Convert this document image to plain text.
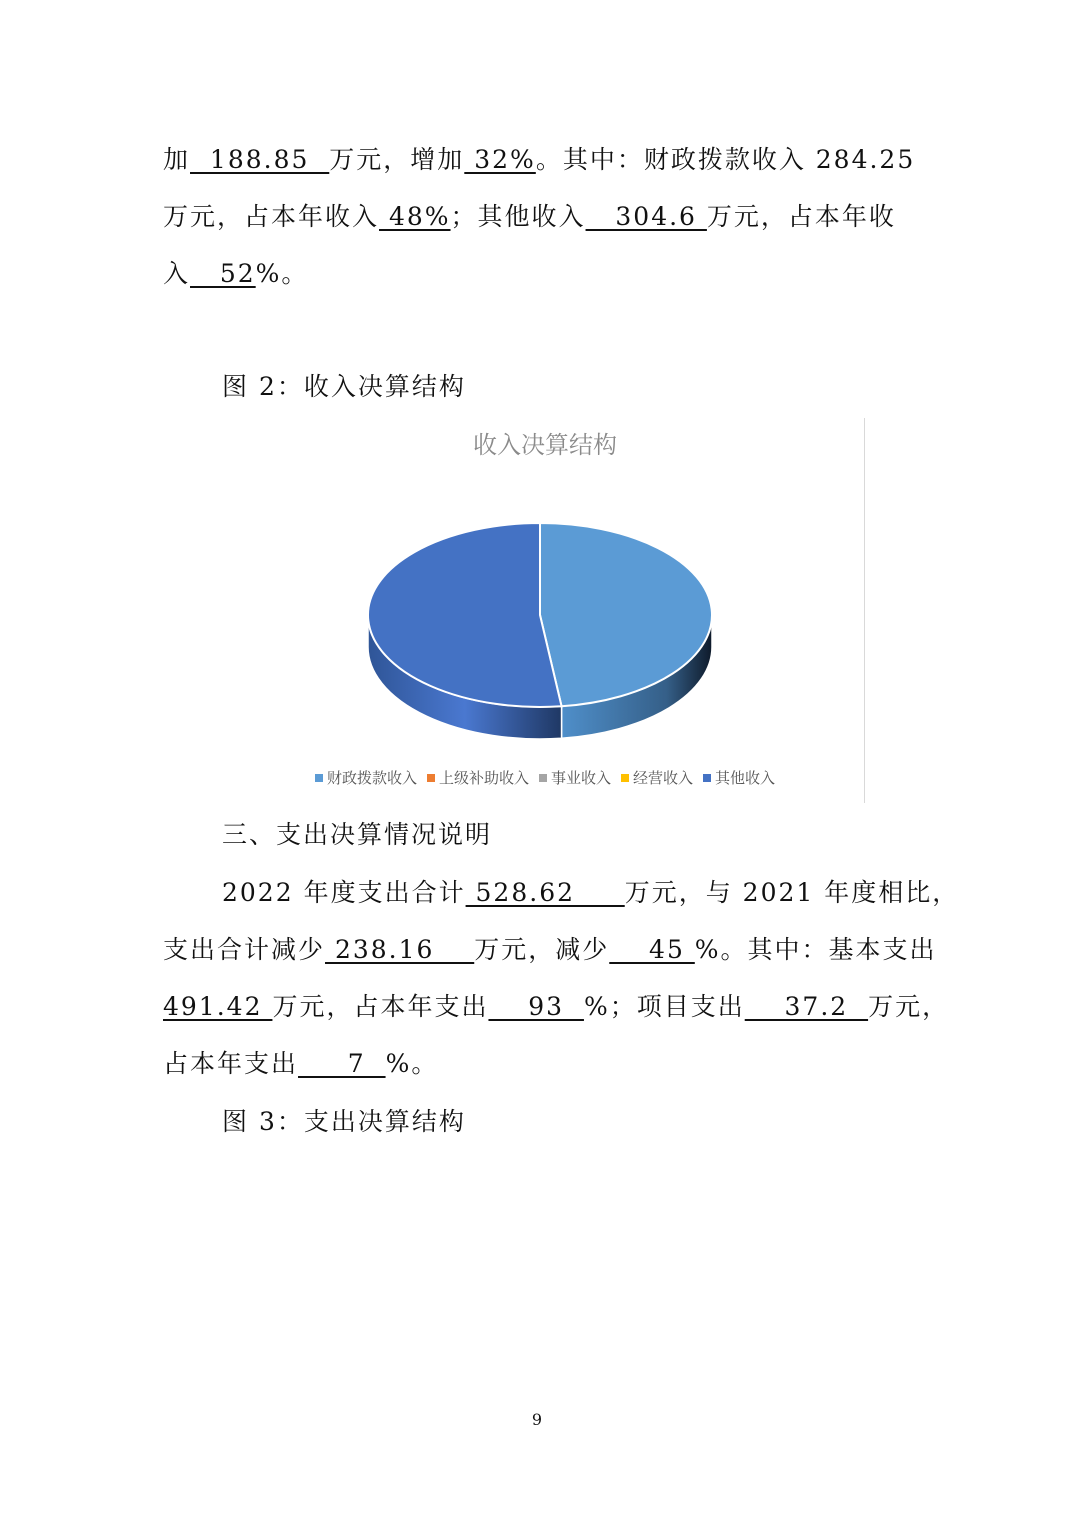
加  188.85  万元，增加 32%。其中：财政拨款收入 284.25
万元，占本年收入 48%；其他收入   304.6 万元，占本年收
入   52%。
图 2：收入决算结构
收入决算结构
财政拨款收入 上级补助收入 事业收入 经营收入 其他收入
三、支出决算情况说明
2022 年度支出合计 528.62     万元，与 2021 年度相比，
支出合计减少 238.16    万元，减少    45 %。其中：基本支出
491.42 万元，占本年支出    93  %；项目支出    37.2  万元，
占本年支出     7  %。
图 3：支出决算结构
9
